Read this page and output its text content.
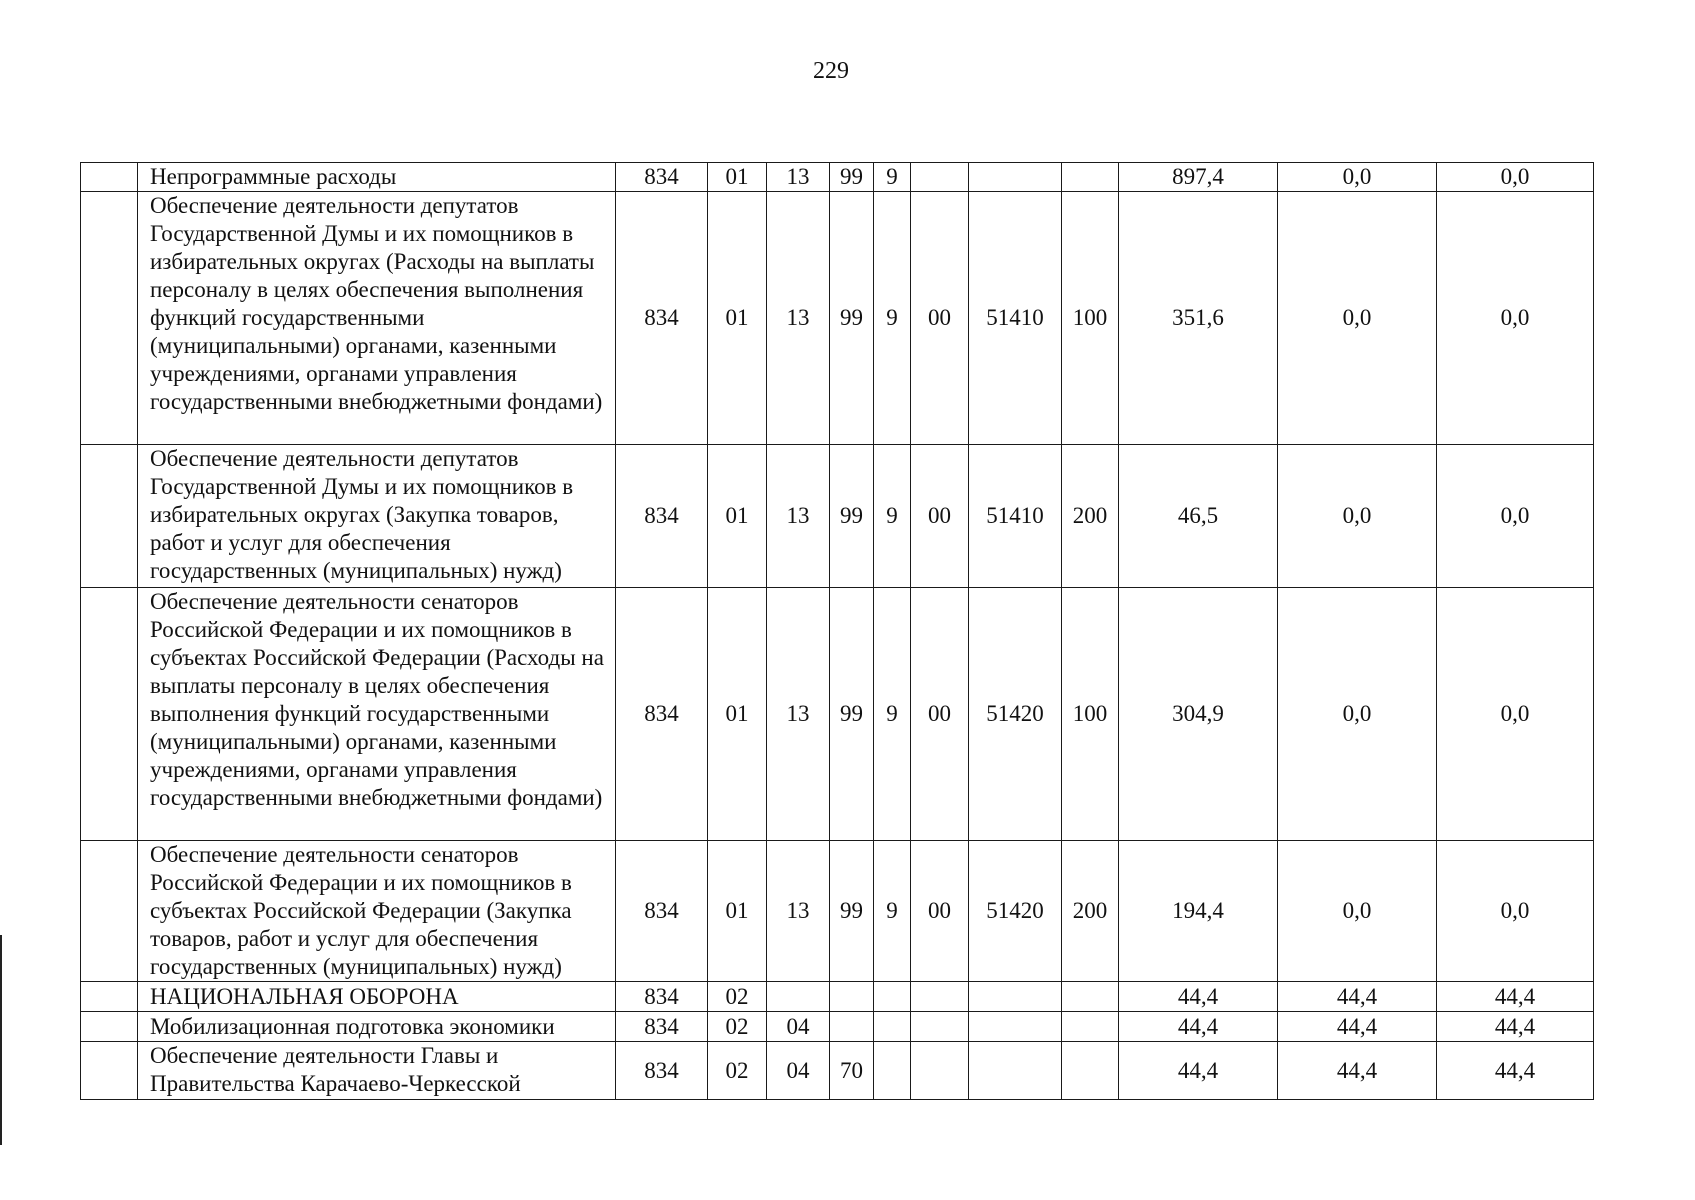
229
	Непрограммные расходы	834	01	13	99	9				897,4	0,0	0,0
	Обеспечение деятельности депутатов Государственной Думы и их помощников в избирательных округах (Расходы на выплаты персоналу в целях обеспечения выполнения функций государственными (муниципальными) органами, казенными учреждениями, органами управления государственными внебюджетными фондами)	834	01	13	99	9	00	51410	100	351,6	0,0	0,0
	Обеспечение деятельности депутатов Государственной Думы и их помощников в избирательных округах (Закупка товаров, работ и услуг для обеспечения государственных (муниципальных) нужд)	834	01	13	99	9	00	51410	200	46,5	0,0	0,0
	Обеспечение деятельности сенаторов Российской Федерации и их помощников в субъектах Российской Федерации (Расходы на выплаты персоналу в целях обеспечения выполнения функций государственными (муниципальными) органами, казенными учреждениями, органами управления государственными внебюджетными фондами)	834	01	13	99	9	00	51420	100	304,9	0,0	0,0
	Обеспечение деятельности сенаторов Российской Федерации и их помощников в субъектах Российской Федерации (Закупка товаров, работ и услуг для обеспечения государственных (муниципальных) нужд)	834	01	13	99	9	00	51420	200	194,4	0,0	0,0
	НАЦИОНАЛЬНАЯ ОБОРОНА	834	02							44,4	44,4	44,4
	Мобилизационная подготовка экономики	834	02	04						44,4	44,4	44,4
	Обеспечение деятельности Главы и Правительства Карачаево-Черкесской	834	02	04	70					44,4	44,4	44,4
